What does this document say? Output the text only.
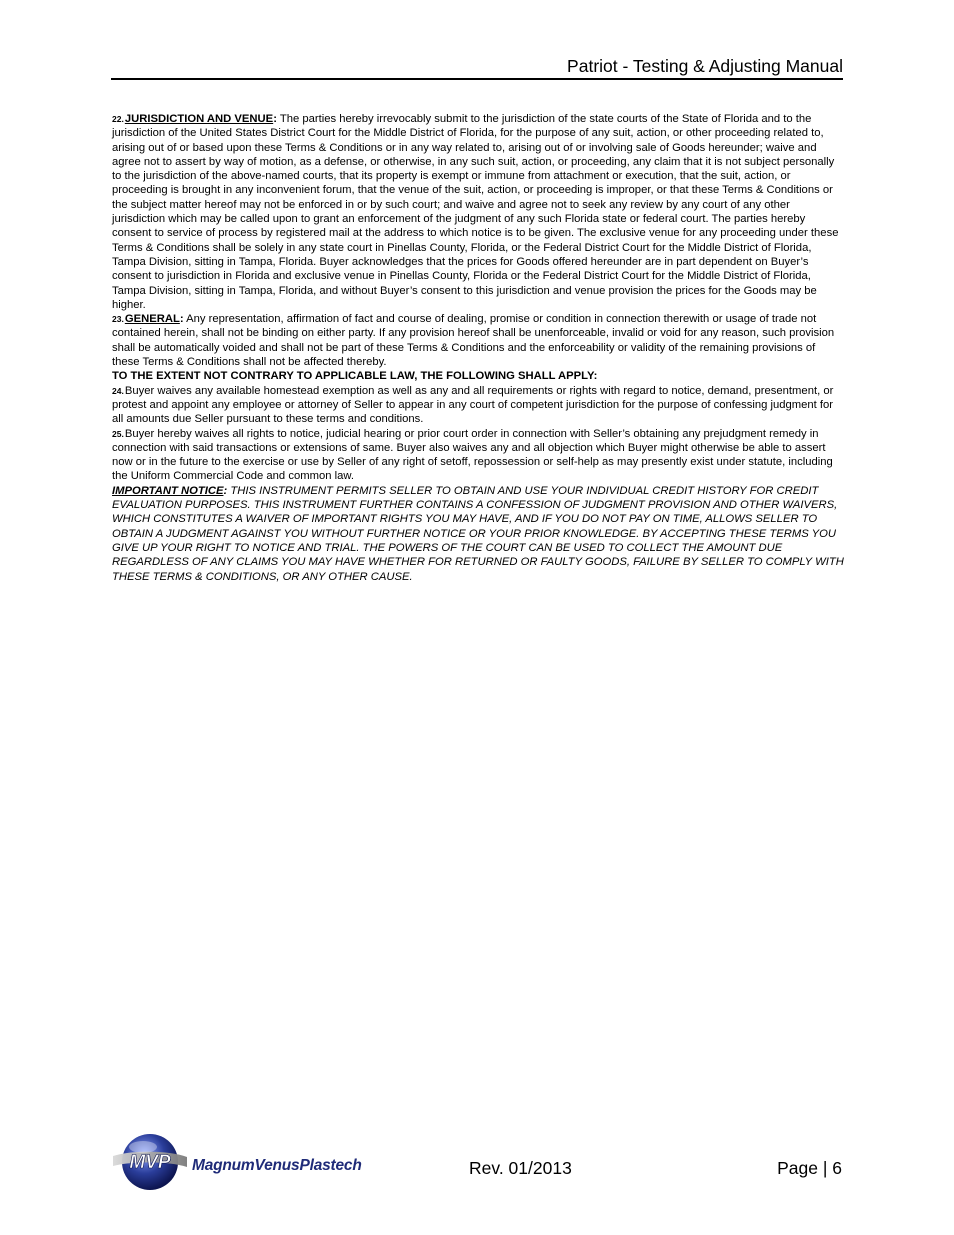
Patriot - Testing & Adjusting Manual

22.JURISDICTION AND VENUE: The parties hereby irrevocably submit to the jurisdiction of the state courts of the State of Florida and to the jurisdiction of the United States District Court for the Middle District of Florida, for the purpose of any suit, action, or other proceeding related to, arising out of or based upon these Terms & Conditions or in any way related to, arising out of or involving sale of Goods hereunder; waive and agree not to assert by way of motion, as a defense, or otherwise, in any such suit, action, or proceeding, any claim that it is not subject personally to the jurisdiction of the above-named courts, that its property is exempt or immune from attachment or execution, that the suit, action, or proceeding is brought in any inconvenient forum, that the venue of the suit, action, or proceeding is improper, or that these Terms & Conditions or the subject matter hereof may not be enforced in or by such court; and waive and agree not to seek any review by any court of any other jurisdiction which may be called upon to grant an enforcement of the judgment of any such Florida state or federal court. The parties hereby consent to service of process by registered mail at the address to which notice is to be given. The exclusive venue for any proceeding under these Terms & Conditions shall be solely in any state court in Pinellas County, Florida, or the Federal District Court for the Middle District of Florida, Tampa Division, sitting in Tampa, Florida. Buyer acknowledges that the prices for Goods offered hereunder are in part dependent on Buyer’s consent to jurisdiction in Florida and exclusive venue in Pinellas County, Florida or the Federal District Court for the Middle District of Florida, Tampa Division, sitting in Tampa, Florida, and without Buyer’s consent to this jurisdiction and venue provision the prices for the Goods may be higher.

23.GENERAL: Any representation, affirmation of fact and course of dealing, promise or condition in connection therewith or usage of trade not contained herein, shall not be binding on either party. If any provision hereof shall be unenforceable, invalid or void for any reason, such provision shall be automatically voided and shall not be part of these Terms & Conditions and the enforceability or validity of the remaining provisions of these Terms & Conditions shall not be affected thereby.

TO THE EXTENT NOT CONTRARY TO APPLICABLE LAW, THE FOLLOWING SHALL APPLY:

24.Buyer waives any available homestead exemption as well as any and all requirements or rights with regard to notice, demand, presentment, or protest and appoint any employee or attorney of Seller to appear in any court of competent jurisdiction for the purpose of confessing judgment for all amounts due Seller pursuant to these terms and conditions.

25.Buyer hereby waives all rights to notice, judicial hearing or prior court order in connection with Seller’s obtaining any prejudgment remedy in connection with said transactions or extensions of same. Buyer also waives any and all objection which Buyer might otherwise be able to assert now or in the future to the exercise or use by Seller of any right of setoff, repossession or self-help as may presently exist under statute, including the Uniform Commercial Code and common law.

IMPORTANT NOTICE: THIS INSTRUMENT PERMITS SELLER TO OBTAIN AND USE YOUR INDIVIDUAL CREDIT HISTORY FOR CREDIT EVALUATION PURPOSES. THIS INSTRUMENT FURTHER CONTAINS A CONFESSION OF JUDGMENT PROVISION AND OTHER WAIVERS, WHICH CONSTITUTES A WAIVER OF IMPORTANT RIGHTS YOU MAY HAVE, AND IF YOU DO NOT PAY ON TIME, ALLOWS SELLER TO OBTAIN A JUDGMENT AGAINST YOU WITHOUT FURTHER NOTICE OR YOUR PRIOR KNOWLEDGE. BY ACCEPTING THESE TERMS YOU GIVE UP YOUR RIGHT TO NOTICE AND TRIAL. THE POWERS OF THE COURT CAN BE USED TO COLLECT THE AMOUNT DUE REGARDLESS OF ANY CLAIMS YOU MAY HAVE WHETHER FOR RETURNED OR FAULTY GOODS, FAILURE BY SELLER TO COMPLY WITH THESE TERMS & CONDITIONS, OR ANY OTHER CAUSE.

MVP MagnumVenusPlastech	Rev. 01/2013	Page | 6
